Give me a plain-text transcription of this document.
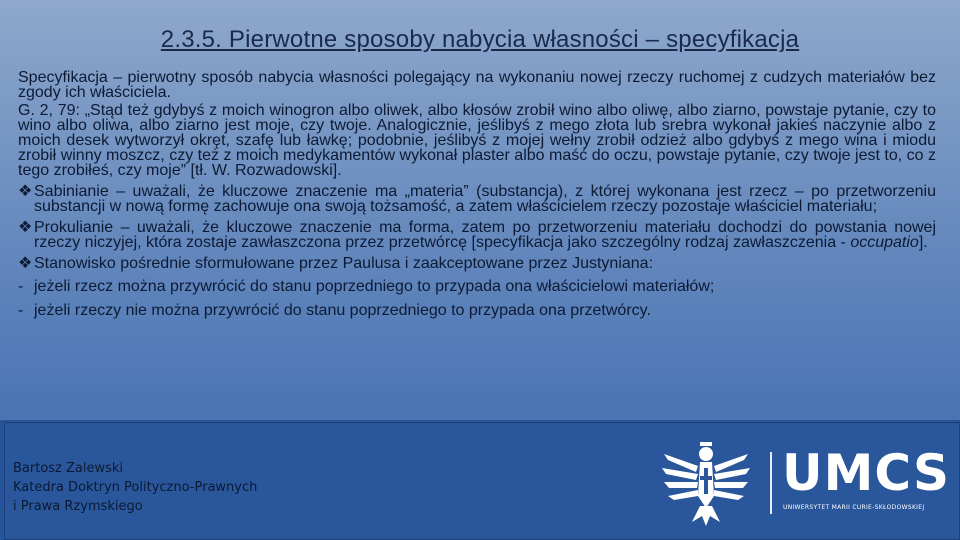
2.3.5. Pierwotne sposoby nabycia własności – specyfikacja

Specyfikacja – pierwotny sposób nabycia własności polegający na wykonaniu nowej rzeczy ruchomej z cudzych materiałów bez zgody ich właściciela.

G. 2, 79: „Stąd też gdybyś z moich winogron albo oliwek, albo kłosów zrobił wino albo oliwę, albo ziarno, powstaje pytanie, czy to wino albo oliwa, albo ziarno jest moje, czy twoje. Analogicznie, jeślibyś z mego złota lub srebra wykonał jakieś naczynie albo z moich desek wytworzył okręt, szafę lub ławkę; podobnie, jeślibyś z mojej wełny zrobił odzież albo gdybyś z mego wina i miodu zrobił winny moszcz, czy też z moich medykamentów wykonał plaster albo maść do oczu, powstaje pytanie, czy twoje jest to, co z tego zrobiłeś, czy moje” [tł. W. Rozwadowski].

❖ Sabinianie – uważali, że kluczowe znaczenie ma „materia” (substancja), z której wykonana jest rzecz – po przetworzeniu substancji w nową formę zachowuje ona swoją tożsamość, a zatem właścicielem rzeczy pozostaje właściciel materiału;

❖ Prokulianie – uważali, że kluczowe znaczenie ma forma, zatem po przetworzeniu materiału dochodzi do powstania nowej rzeczy niczyjej, która zostaje zawłaszczona przez przetwórcę [specyfikacja jako szczególny rodzaj zawłaszczenia - occupatio].

❖ Stanowisko pośrednie sformułowane przez Paulusa i zaakceptowane przez Justyniana:

- jeżeli rzecz można przywrócić do stanu poprzedniego to przypada ona właścicielowi materiałów;

- jeżeli rzeczy nie można przywrócić do stanu poprzedniego to przypada ona przetwórcy.

Bartosz Zalewski
Katedra Doktryn Polityczno-Prawnych
i Prawa Rzymskiego
UMCS
UNIWERSYTET MARII CURIE-SKŁODOWSKIEJ
